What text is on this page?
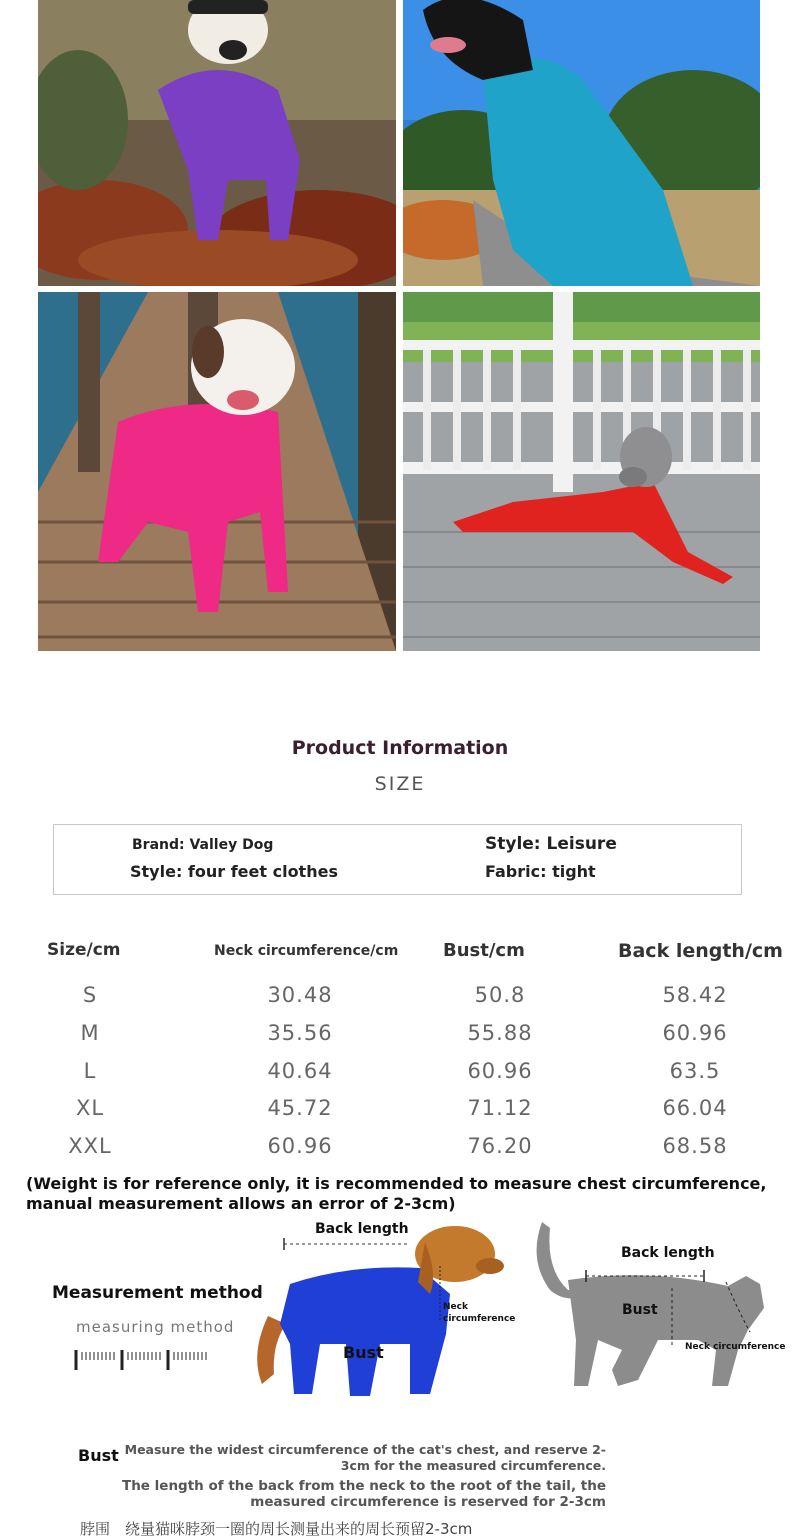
Product Information
SIZE
Brand: Valley Dog	Style: Leisure
Style: four feet clothes	Fabric: tight
Size/cm	Neck circumference/cm Bust/cm	Back length/cm
S	30.48	50.8	58.42
M	35.56	55.88	60.96
L	40.64	60.96	63.5
XL	45.72	71.12	66.04
XXL	60.96	76.20	68.58
(Weight is for reference only, it is recommended to measure chest circumference, manual measurement allows an error of 2-3cm)
Measurement method
measuring method
Back length
Neck circumference
Bust
Back length
Bust
Neck circumference
Bust Measure the widest circumference of the cat's chest, and reserve 2-3cm for the measured circumference.
The length of the back from the neck to the root of the tail, the measured circumference is reserved for 2-3cm
脖围　绕量猫咪脖颈一圈的周长测量出来的周长预留2-3cm
